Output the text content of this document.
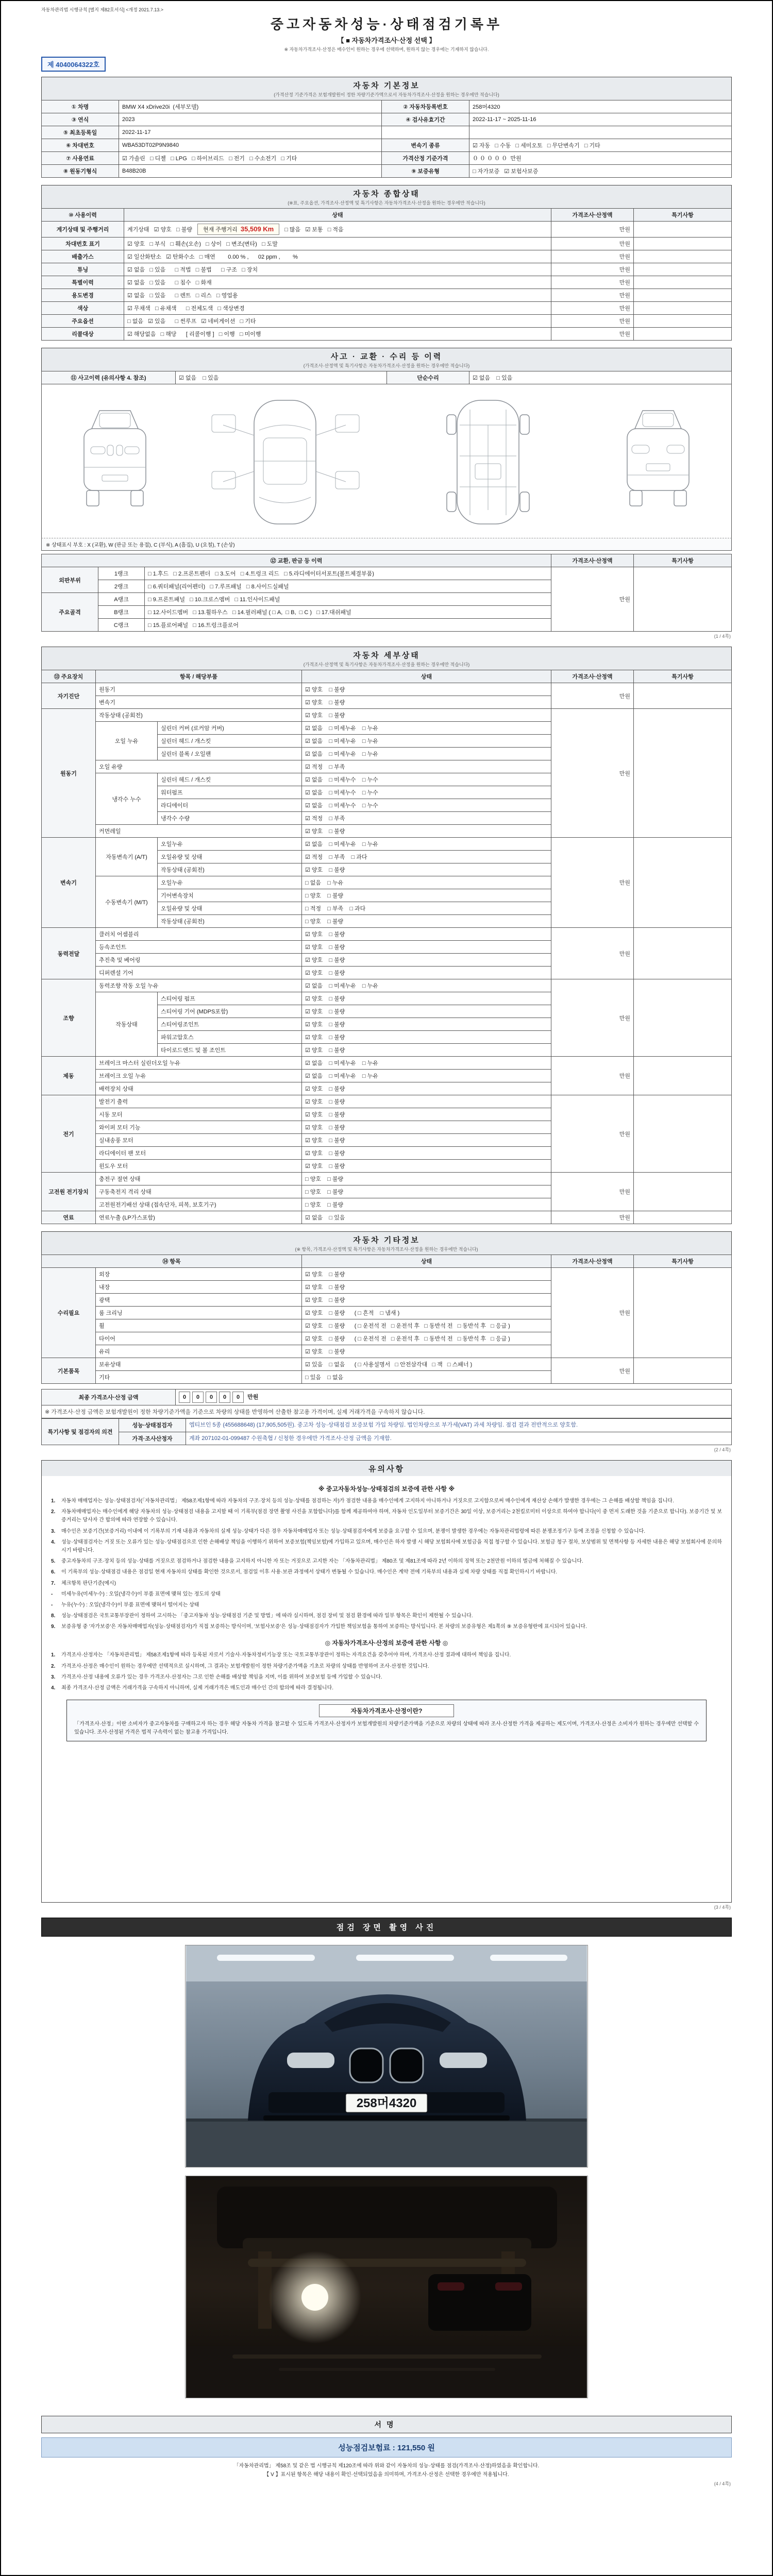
자동차관리법 시행규칙 [별지 제82호서식] <개정 2021.7.13.>
중고자동차성능·상태점검기록부
【 ■ 자동차가격조사·산정 선택 】
※ 자동차가격조사·산정은 매수인이 원하는 경우에 선택하며, 원하지 않는 경우에는 기재하지 않습니다.
제 4040064322호
자동차 기본정보
(가격산정 기준가격은 보험개발원이 정한 차량기준가액으로서 자동차가격조사·산정을 원하는 경우에만 적습니다)
① 차명	BMW X4 xDrive20i  (세부모델)	② 자동차등록번호	258머4320
③ 연식	2023	④ 검사유효기간	2022-11-17 ~ 2025-11-16
⑤ 최초등록일	2022-11-17		
⑥ 차대번호	WBA53DT02P9N9840	변속기 종류	☑ 자동   □ 수동   □ 세미오토   □ 무단변속기   □ 기타
⑦ 사용연료	☑ 가솔린   □ 디젤   □ LPG   □ 하이브리드   □ 전기   □ 수소전기   □ 기타	가격산정 기준가격	０ ０ ０ ０ ０  만원
⑧ 원동기형식	B48B20B	⑨ 보증유형	□ 자가보증   ☑ 보험사보증
자동차 종합상태
(※표, 주요옵션, 가격조사·산정액 및 특기사항은 자동차가격조사·산정을 원하는 경우에만 적습니다)
⑩ 사용이력	상태	가격조사·산정액	특기사항
계기상태 및 주행거리	계기상태   ☑ 양호   □ 불량 현재 주행거리  35,509 Km □ 많음   ☑ 보통   □ 적음	만원	
차대번호 표기	☑ 양호   □ 부식   □ 훼손(오손)   □ 상이   □ 변조(변타)   □ 도말	만원	
배출가스	☑ 일산화탄소   ☑ 탄화수소   □ 매연        0.00 % ,      02 ppm ,        %	만원	
튜닝	☑ 없음   □ 있음      □ 적법   □ 불법      □ 구조   □ 장치	만원	
특별이력	☑ 없음   □ 있음      □ 침수   □ 화재	만원	
용도변경	☑ 없음   □ 있음      □ 렌트   □ 리스   □ 영업용	만원	
색상	☑ 무채색   □ 유채색      □ 전체도색   □ 색상변경	만원	
주요옵션	□ 없음   ☑ 있음      □ 썬루프   ☑ 네비게이션   □ 기타	만원	
리콜대상	☑ 해당없음   □ 해당      [ 리콜이행 ]   □ 이행   □ 미이행	만원	
사고 · 교환 · 수리 등 이력
(가격조사·산정액 및 특기사항은 자동차가격조사·산정을 원하는 경우에만 적습니다)
⑪ 사고이력 (유의사항 4. 참조)	☑ 없음    □ 있음	단순수리	☑ 없음    □ 있음
※ 상태표시 부호 : X (교환), W (판금 또는 용접), C (부식), A (흠집), U (요철), T (손상)
⑫ 교환, 판금 등 이력			가격조사·산정액	특기사항
외판부위	1랭크	□ 1.후드   □ 2.프론트펜더   □ 3.도어   □ 4.트렁크 리드   □ 5.라디에이터서포트(볼트체결부품)	만원	
	2랭크	□ 6.쿼터패널(리어펜더)   □ 7.루프패널   □ 8.사이드실패널		
주요골격	A랭크	□ 9.프론트패널   □ 10.크로스멤버   □ 11.인사이드패널		
	B랭크	□ 12.사이드멤버   □ 13.휠하우스   □ 14.필러패널 ( □ A,  □ B,  □ C )   □ 17.대쉬패널		
	C랭크	□ 15.플로어패널   □ 16.트렁크플로어		
(1 / 4쪽)
자동차 세부상태
(가격조사·산정액 및 특기사항은 자동차가격조사·산정을 원하는 경우에만 적습니다)
⑬ 주요장치	항목 / 해당부품		상태	가격조사·산정액	특기사항
자기진단	원동기		☑ 양호    □ 불량	만원	
	변속기		☑ 양호    □ 불량		
원동기	작동상태 (공회전)		☑ 양호    □ 불량	만원	
	오일 누유	실린더 커버 (로커암 커버)	☑ 없음    □ 미세누유    □ 누유		
		실린더 헤드 / 개스킷	☑ 없음    □ 미세누유    □ 누유		
		실린더 블록 / 오일팬	☑ 없음    □ 미세누유    □ 누유		
	오일 유량		☑ 적정    □ 부족		
	냉각수 누수	실린더 헤드 / 개스킷	☑ 없음    □ 미세누수    □ 누수		
		워터펌프	☑ 없음    □ 미세누수    □ 누수		
		라디에이터	☑ 없음    □ 미세누수    □ 누수		
		냉각수 수량	☑ 적정    □ 부족		
	커먼레일		☑ 양호    □ 불량		
변속기	자동변속기 (A/T)	오일누유	☑ 없음    □ 미세누유    □ 누유	만원	
		오일유량 및 상태	☑ 적정    □ 부족    □ 과다		
		작동상태 (공회전)	☑ 양호    □ 불량		
	수동변속기 (M/T)	오일누유	□ 없음    □ 누유		
		기어변속장치	□ 양호    □ 불량		
		오일유량 및 상태	□ 적정    □ 부족    □ 과다		
		작동상태 (공회전)	□ 양호    □ 불량		
동력전달	클러치 어셈블리		☑ 양호    □ 불량	만원	
	등속조인트		☑ 양호    □ 불량		
	추진축 및 베어링		☑ 양호    □ 불량		
	디퍼렌셜 기어		☑ 양호    □ 불량		
조향	동력조향 작동 오일 누유		☑ 없음    □ 미세누유    □ 누유	만원	
	작동상태	스티어링 펌프	☑ 양호    □ 불량		
		스티어링 기어 (MDPS포함)	☑ 양호    □ 불량		
		스티어링조인트	☑ 양호    □ 불량		
		파워고압호스	☑ 양호    □ 불량		
		타이로드엔드 및 볼 조인트	☑ 양호    □ 불량		
제동	브레이크 마스터 실린더오일 누유		☑ 없음    □ 미세누유    □ 누유	만원	
	브레이크 오일 누유		☑ 없음    □ 미세누유    □ 누유		
	배력장치 상태		☑ 양호    □ 불량		
전기	발전기 출력		☑ 양호    □ 불량	만원	
	시동 모터		☑ 양호    □ 불량		
	와이퍼 모터 기능		☑ 양호    □ 불량		
	실내송풍 모터		☑ 양호    □ 불량		
	라디에이터 팬 모터		☑ 양호    □ 불량		
	윈도우 모터		☑ 양호    □ 불량		
고전원 전기장치	충전구 절연 상태		□ 양호    □ 불량	만원	
	구동축전지 격리 상태		□ 양호    □ 불량		
	고전원전기배선 상태 (접속단자, 피복, 보호기구)		□ 양호    □ 불량		
연료	연료누출 (LP가스포함)		☑ 없음    □ 있음	만원	
자동차 기타정보
(※ 항목, 가격조사·산정액 및 특기사항은 자동차가격조사·산정을 원하는 경우에만 적습니다)
⑭ 항목		상태	가격조사·산정액	특기사항
수리필요	외장	☑ 양호    □ 불량	만원	
	내장	☑ 양호    □ 불량		
	광택	☑ 양호    □ 불량		
	룸 크리닝	☑ 양호    □ 불량      ( □ 흔적    □ 냄새 )		
	휠	☑ 양호    □ 불량      ( □ 운전석 전   □ 운전석 후   □ 동반석 전   □ 동반석 후   □ 응급 )		
	타이어	☑ 양호    □ 불량      ( □ 운전석 전   □ 운전석 후   □ 동반석 전   □ 동반석 후   □ 응급 )		
	유리	☑ 양호    □ 불량		
기본품목	보유상태	☑ 있음    □ 없음      ( □ 사용설명서   □ 안전삼각대   □ 잭   □ 스패너 )	만원	
	기타	□ 있음    □ 없음		
최종 가격조사·산정 금액	0 0 0 0 0 만원
※ 가격조사·산정 금액은 보험개발원이 정한 차량기준가액을 기준으로 차량의 상태를 반영하여 산출한 참고용 가격이며, 실제 거래가격을 구속하지 않습니다.
특기사항 및 점검자의 의견	성능·상태점검자	엡티브인 5종 (455688648) (17,905,505원). 중고차 성능·상태점검 보증보험 가입 차량임. 법인차량으로 부가세(VAT) 과세 차량임. 점검 결과 전반적으로 양호함.
	가격·조사산정자	계좌 207102-01-099487 수원축협 / 신청한 경우에만 가격조사·산정 금액을 기재함.
(2 / 4쪽)
유의사항
※ 중고자동차성능·상태점검의 보증에 관한 사항 ※
1.	자동차 매매업자는 성능·상태점검자(「자동차관리법」 제58조제1항에 따라 자동차의 구조·장치 등의 성능·상태를 점검하는 자)가 점검한 내용을 매수인에게 고지하지 아니하거나 거짓으로 고지함으로써 매수인에게 재산상 손해가 발생한 경우에는 그 손해를 배상할 책임을 집니다.
2.	자동차매매업자는 매수인에게 해당 자동차의 성능·상태점검 내용을 고지할 때 이 기록부(점검 장면 촬영 사진을 포함합니다)를 함께 제공하여야 하며, 자동차 인도일부터 보증기간은 30일 이상, 보증거리는 2천킬로미터 이상으로 하여야 합니다(이 중 먼저 도래한 것을 기준으로 합니다). 보증기간 및 보증거리는 당사자 간 합의에 따라 연장할 수 있습니다.
3.	매수인은 보증기간(보증거리) 이내에 이 기록부의 기재 내용과 자동차의 실제 성능·상태가 다른 경우 자동차매매업자 또는 성능·상태점검자에게 보증을 요구할 수 있으며, 분쟁이 발생한 경우에는 자동차관리법령에 따른 분쟁조정기구 등에 조정을 신청할 수 있습니다.
4.	성능·상태점검자는 거짓 또는 오류가 있는 성능·상태점검으로 인한 손해배상 책임을 이행하기 위하여 보증보험(책임보험)에 가입하고 있으며, 매수인은 하자 발생 시 해당 보험회사에 보험금을 직접 청구할 수 있습니다. 보험금 청구 절차, 보상범위 및 면책사항 등 자세한 내용은 해당 보험회사에 문의하시기 바랍니다.
5.	중고자동차의 구조·장치 등의 성능·상태를 거짓으로 점검하거나 점검한 내용을 고지하지 아니한 자 또는 거짓으로 고지한 자는 「자동차관리법」 제80조 및 제81조에 따라 2년 이하의 징역 또는 2천만원 이하의 벌금에 처해질 수 있습니다.
6.	이 기록부의 성능·상태점검 내용은 점검일 현재 자동차의 상태를 확인한 것으로서, 점검일 이후 사용·보관 과정에서 상태가 변동될 수 있습니다. 매수인은 계약 전에 기록부의 내용과 실제 차량 상태를 직접 확인하시기 바랍니다.
7.	체크항목 판단기준(예시)
-	미세누유(미세누수) : 오일(냉각수)이 부품 표면에 맺혀 있는 정도의 상태
-	누유(누수) : 오일(냉각수)이 부품 표면에 맺혀서 떨어지는 상태
8.	성능·상태점검은 국토교통부장관이 정하여 고시하는 「중고자동차 성능·상태점검 기준 및 방법」에 따라 실시하며, 점검 장비 및 점검 환경에 따라 일부 항목은 확인이 제한될 수 있습니다.
9.	보증유형 중 '자가보증'은 자동차매매업자(성능·상태점검자)가 직접 보증하는 방식이며, '보험사보증'은 성능·상태점검자가 가입한 책임보험을 통하여 보증하는 방식입니다. 본 차량의 보증유형은 제1쪽의 ⑨ 보증유형란에 표시되어 있습니다.
◎ 자동차가격조사·산정의 보증에 관한 사항 ◎
1.	가격조사·산정자는 「자동차관리법」 제58조제1항에 따라 등록된 자로서 기술사·자동차정비기능장 또는 국토교통부장관이 정하는 자격요건을 갖추어야 하며, 가격조사·산정 결과에 대하여 책임을 집니다.
2.	가격조사·산정은 매수인이 원하는 경우에만 선택적으로 실시하며, 그 결과는 보험개발원이 정한 차량기준가액을 기초로 차량의 상태를 반영하여 조사·산정한 것입니다.
3.	가격조사·산정 내용에 오류가 있는 경우 가격조사·산정자는 그로 인한 손해를 배상할 책임을 지며, 이를 위하여 보증보험 등에 가입할 수 있습니다.
4.	최종 가격조사·산정 금액은 거래가격을 구속하지 아니하며, 실제 거래가격은 매도인과 매수인 간의 합의에 따라 결정됩니다.
자동차가격조사·산정이란?
「가격조사·산정」이란 소비자가 중고자동차를 구매하고자 하는 경우 해당 자동차 가격을 참고할 수 있도록 가격조사·산정자가 보험개발원의 차량기준가액을 기준으로 차량의 상태에 따라 조사·산정한 가격을 제공하는 제도이며, 가격조사·산정은 소비자가 원하는 경우에만 선택할 수 있습니다. 조사·산정된 가격은 법적 구속력이 없는 참고용 가격입니다.
(3 / 4쪽)
점검 장면 촬영 사진
258머4320
서명
성능점검보험료 : 121,550 원
「자동차관리법」 제58조 및 같은 법 시행규칙 제120조에 따라 위와 같이 자동차의 성능·상태를 점검(가격조사·산정)하였음을 확인합니다.
【 V 】표시된 항목은 해당 내용이 확인·선택되었음을 의미하며, 가격조사·산정은 선택한 경우에만 적용됩니다.
(4 / 4쪽)
